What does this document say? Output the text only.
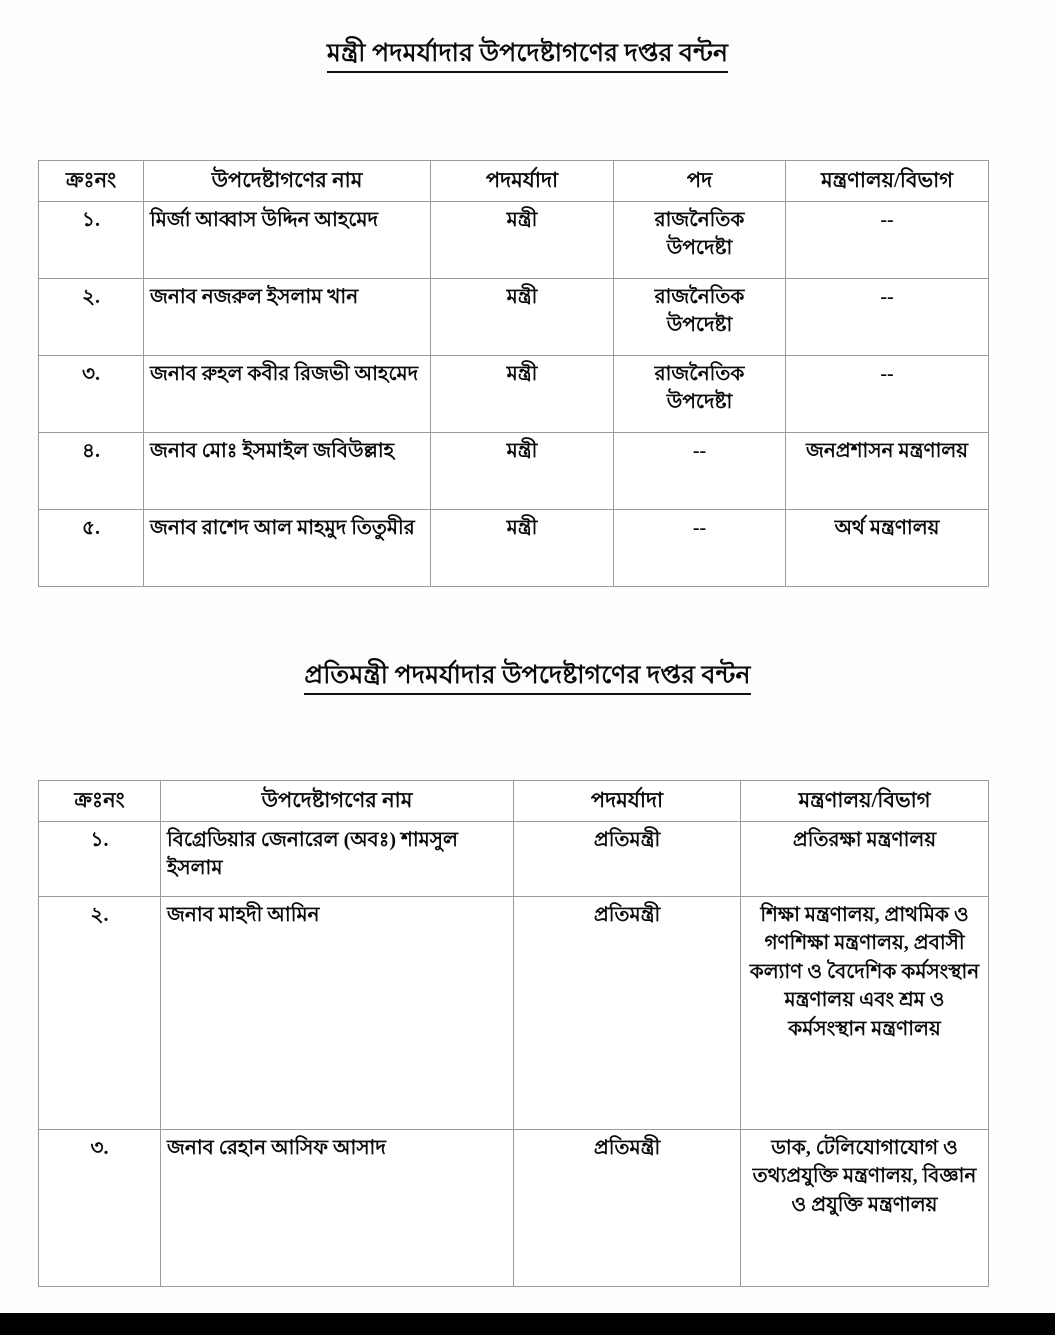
মন্ত্রী পদমর্যাদার উপদেষ্টাগণের দপ্তর বন্টন
ক্রঃনং	উপদেষ্টাগণের নাম	পদমর্যাদা	পদ	মন্ত্রণালয়/বিভাগ
১.	মির্জা আব্বাস উদ্দিন আহমেদ	মন্ত্রী	রাজনৈতিক উপদেষ্টা	--
২.	জনাব নজরুল ইসলাম খান	মন্ত্রী	রাজনৈতিক উপদেষ্টা	--
৩.	জনাব রুহল কবীর রিজভী আহমেদ	মন্ত্রী	রাজনৈতিক উপদেষ্টা	--
৪.	জনাব মোঃ ইসমাইল জবিউল্লাহ	মন্ত্রী	--	জনপ্রশাসন মন্ত্রণালয়
৫.	জনাব রাশেদ আল মাহমুদ তিতুমীর	মন্ত্রী	--	অর্থ মন্ত্রণালয়
প্রতিমন্ত্রী পদমর্যাদার উপদেষ্টাগণের দপ্তর বন্টন
ক্রঃনং	উপদেষ্টাগণের নাম	পদমর্যাদা	মন্ত্রণালয়/বিভাগ
১.	বিগ্রেডিয়ার জেনারেল (অবঃ) শামসুল ইসলাম	প্রতিমন্ত্রী	প্রতিরক্ষা মন্ত্রণালয়
২.	জনাব মাহদী আমিন	প্রতিমন্ত্রী	শিক্ষা মন্ত্রণালয়, প্রাথমিক ও গণশিক্ষা মন্ত্রণালয়, প্রবাসী কল্যাণ ও বৈদেশিক কর্মসংস্থান মন্ত্রণালয় এবং শ্রম ও কর্মসংস্থান মন্ত্রণালয়
৩.	জনাব রেহান আসিফ আসাদ	প্রতিমন্ত্রী	ডাক, টেলিযোগাযোগ ও তথ্যপ্রযুক্তি মন্ত্রণালয়, বিজ্ঞান ও প্রযুক্তি মন্ত্রণালয়
